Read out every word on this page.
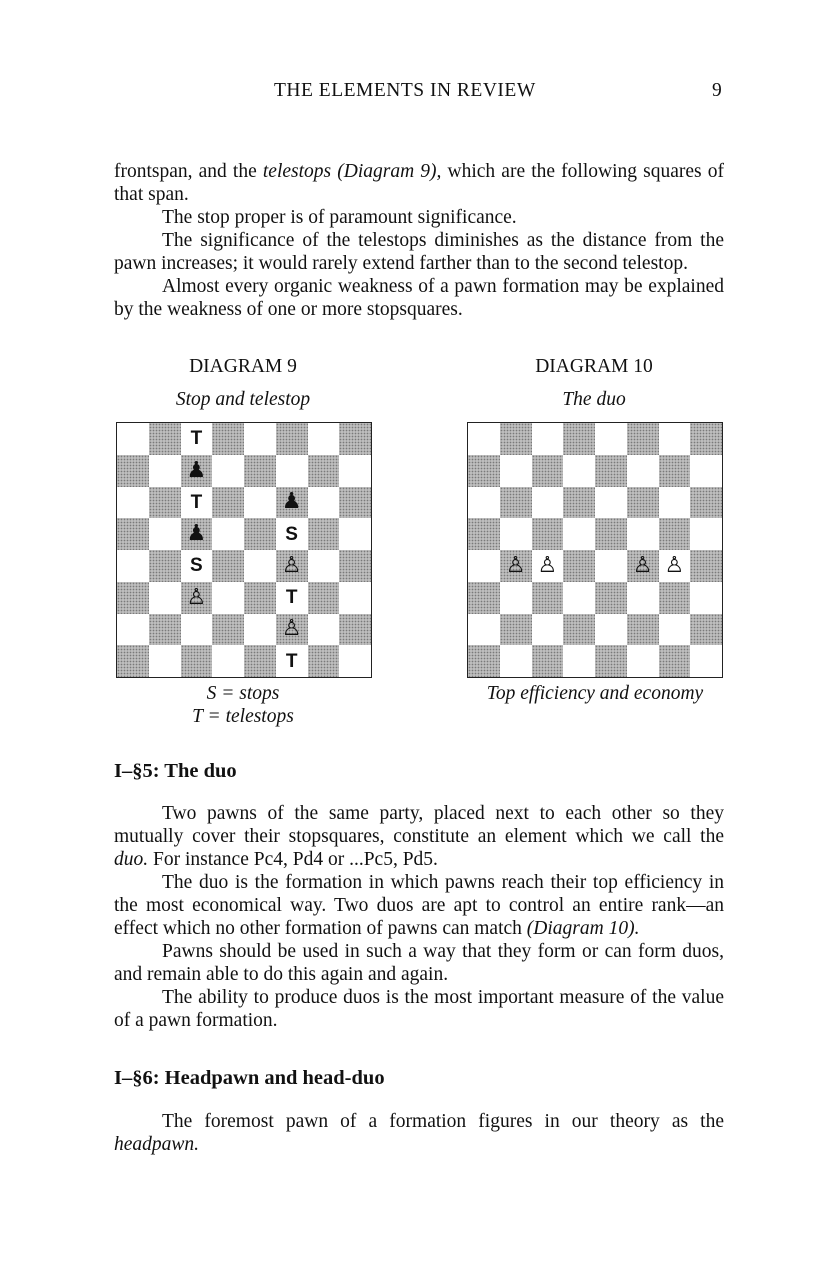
THE ELEMENTS IN REVIEW	9

frontspan, and the telestops (Diagram 9), which are the following squares of that span.

The stop proper is of paramount significance.

The significance of the telestops diminishes as the distance from the pawn increases; it would rarely extend farther than to the second telestop.

Almost every organic weakness of a pawn formation may be explained by the weakness of one or more stopsquares.

DIAGRAM 9
Stop and telestop
T
♟
T	♟
♟	S
S	♙
♙	T
♙
T
S = stops
T = telestops
DIAGRAM 10
The duo
♙ ♙	♙ ♙
Top efficiency and economy
I–§5: The duo

Two pawns of the same party, placed next to each other so they mutually cover their stopsquares, constitute an element which we call the duo. For instance Pc4, Pd4 or ...Pc5, Pd5.

The duo is the formation in which pawns reach their top efficiency in the most economical way. Two duos are apt to control an entire rank—an effect which no other formation of pawns can match (Diagram 10).

Pawns should be used in such a way that they form or can form duos, and remain able to do this again and again.

The ability to produce duos is the most important measure of the value of a pawn formation.

I–§6: Headpawn and head-duo

The foremost pawn of a formation figures in our theory as the headpawn.
